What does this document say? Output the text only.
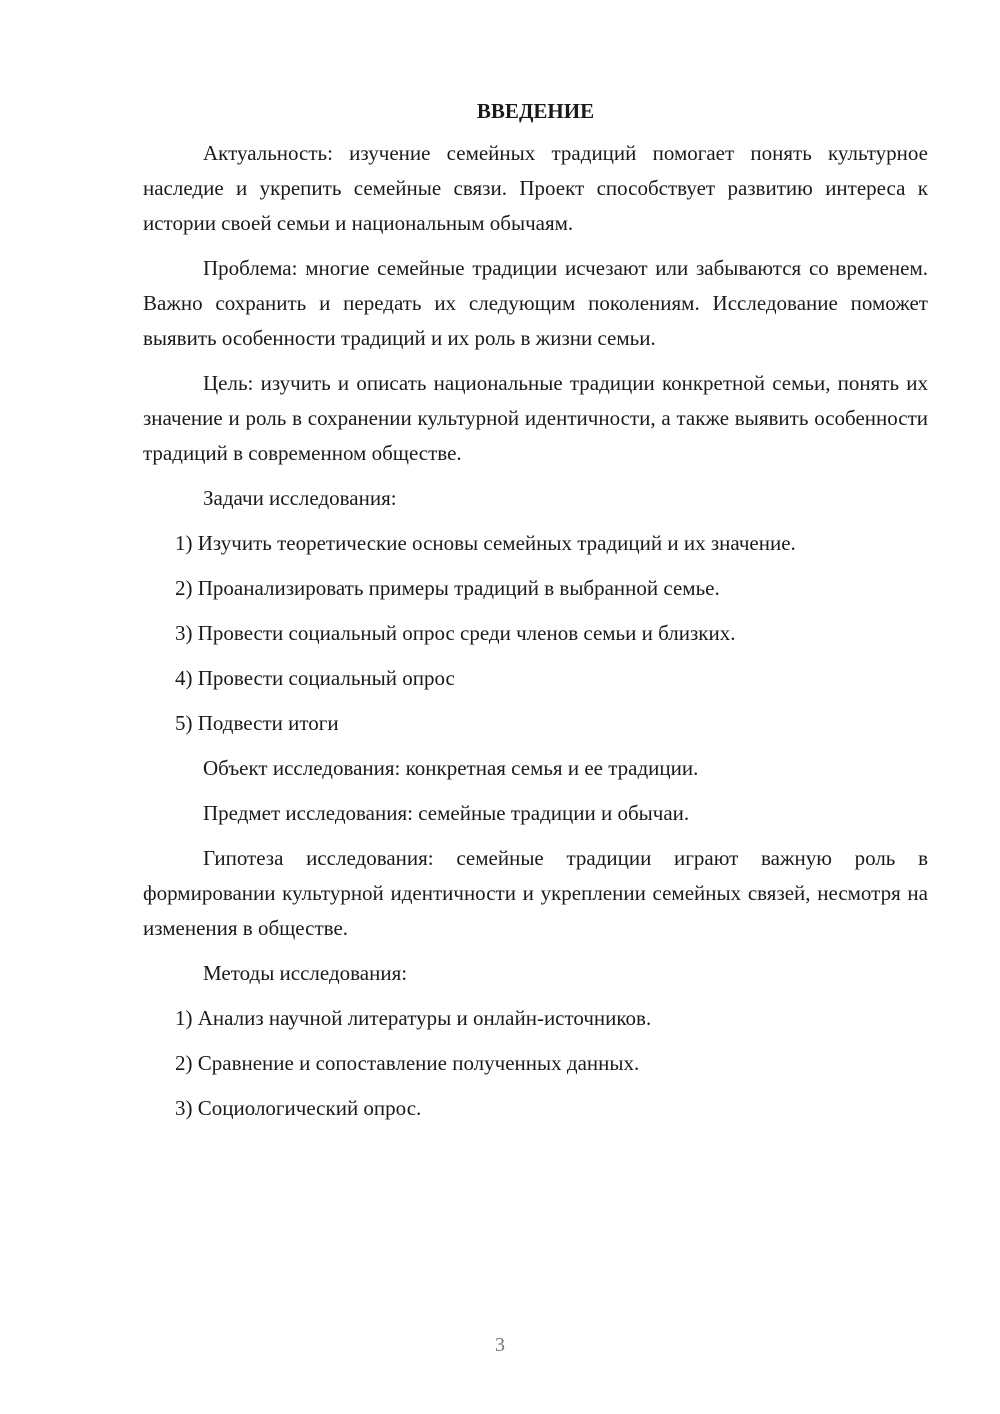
ВВЕДЕНИЕ

Актуальность: изучение семейных традиций помогает понять культурное наследие и укрепить семейные связи. Проект способствует развитию интереса к истории своей семьи и национальным обычаям.

Проблема: многие семейные традиции исчезают или забываются со временем. Важно сохранить и передать их следующим поколениям. Исследование поможет выявить особенности традиций и их роль в жизни семьи.

Цель: изучить и описать национальные традиции конкретной семьи, понять их значение и роль в сохранении культурной идентичности, а также выявить особенности традиций в современном обществе.

Задачи исследования:

1) Изучить теоретические основы семейных традиций и их значение.

2) Проанализировать примеры традиций в выбранной семье.

3) Провести социальный опрос среди членов семьи и близких.

4) Провести социальный опрос

5) Подвести итоги

Объект исследования: конкретная семья и ее традиции.

Предмет исследования: семейные традиции и обычаи.

Гипотеза исследования: семейные традиции играют важную роль в формировании культурной идентичности и укреплении семейных связей, несмотря на изменения в обществе.

Методы исследования:

1) Анализ научной литературы и онлайн-источников.

2) Сравнение и сопоставление полученных данных.

3) Социологический опрос.

3
